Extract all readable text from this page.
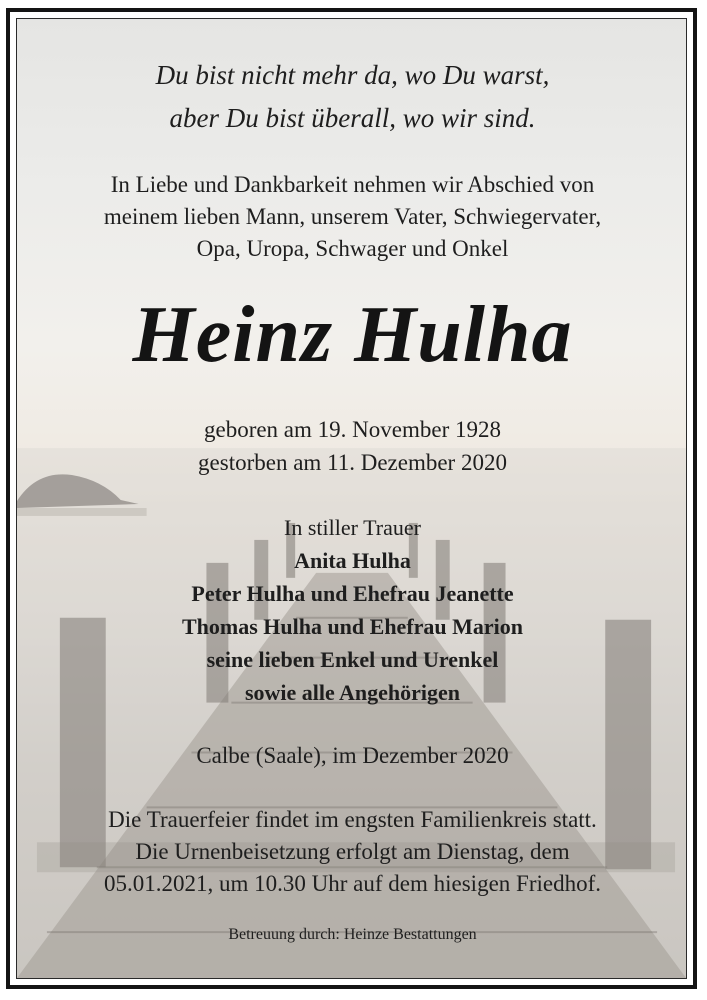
Du bist nicht mehr da, wo Du warst,
aber Du bist überall, wo wir sind.
In Liebe und Dankbarkeit nehmen wir Abschied von
meinem lieben Mann, unserem Vater, Schwiegervater,
Opa, Uropa, Schwager und Onkel
Heinz Hulha
geboren am 19. November 1928
gestorben am 11. Dezember 2020
In stiller Trauer
Anita Hulha
Peter Hulha und Ehefrau Jeanette
Thomas Hulha und Ehefrau Marion
seine lieben Enkel und Urenkel
sowie alle Angehörigen
Calbe (Saale), im Dezember 2020
Die Trauerfeier findet im engsten Familienkreis statt.
Die Urnenbeisetzung erfolgt am Dienstag, dem
05.01.2021, um 10.30 Uhr auf dem hiesigen Friedhof.
Betreuung durch: Heinze Bestattungen
